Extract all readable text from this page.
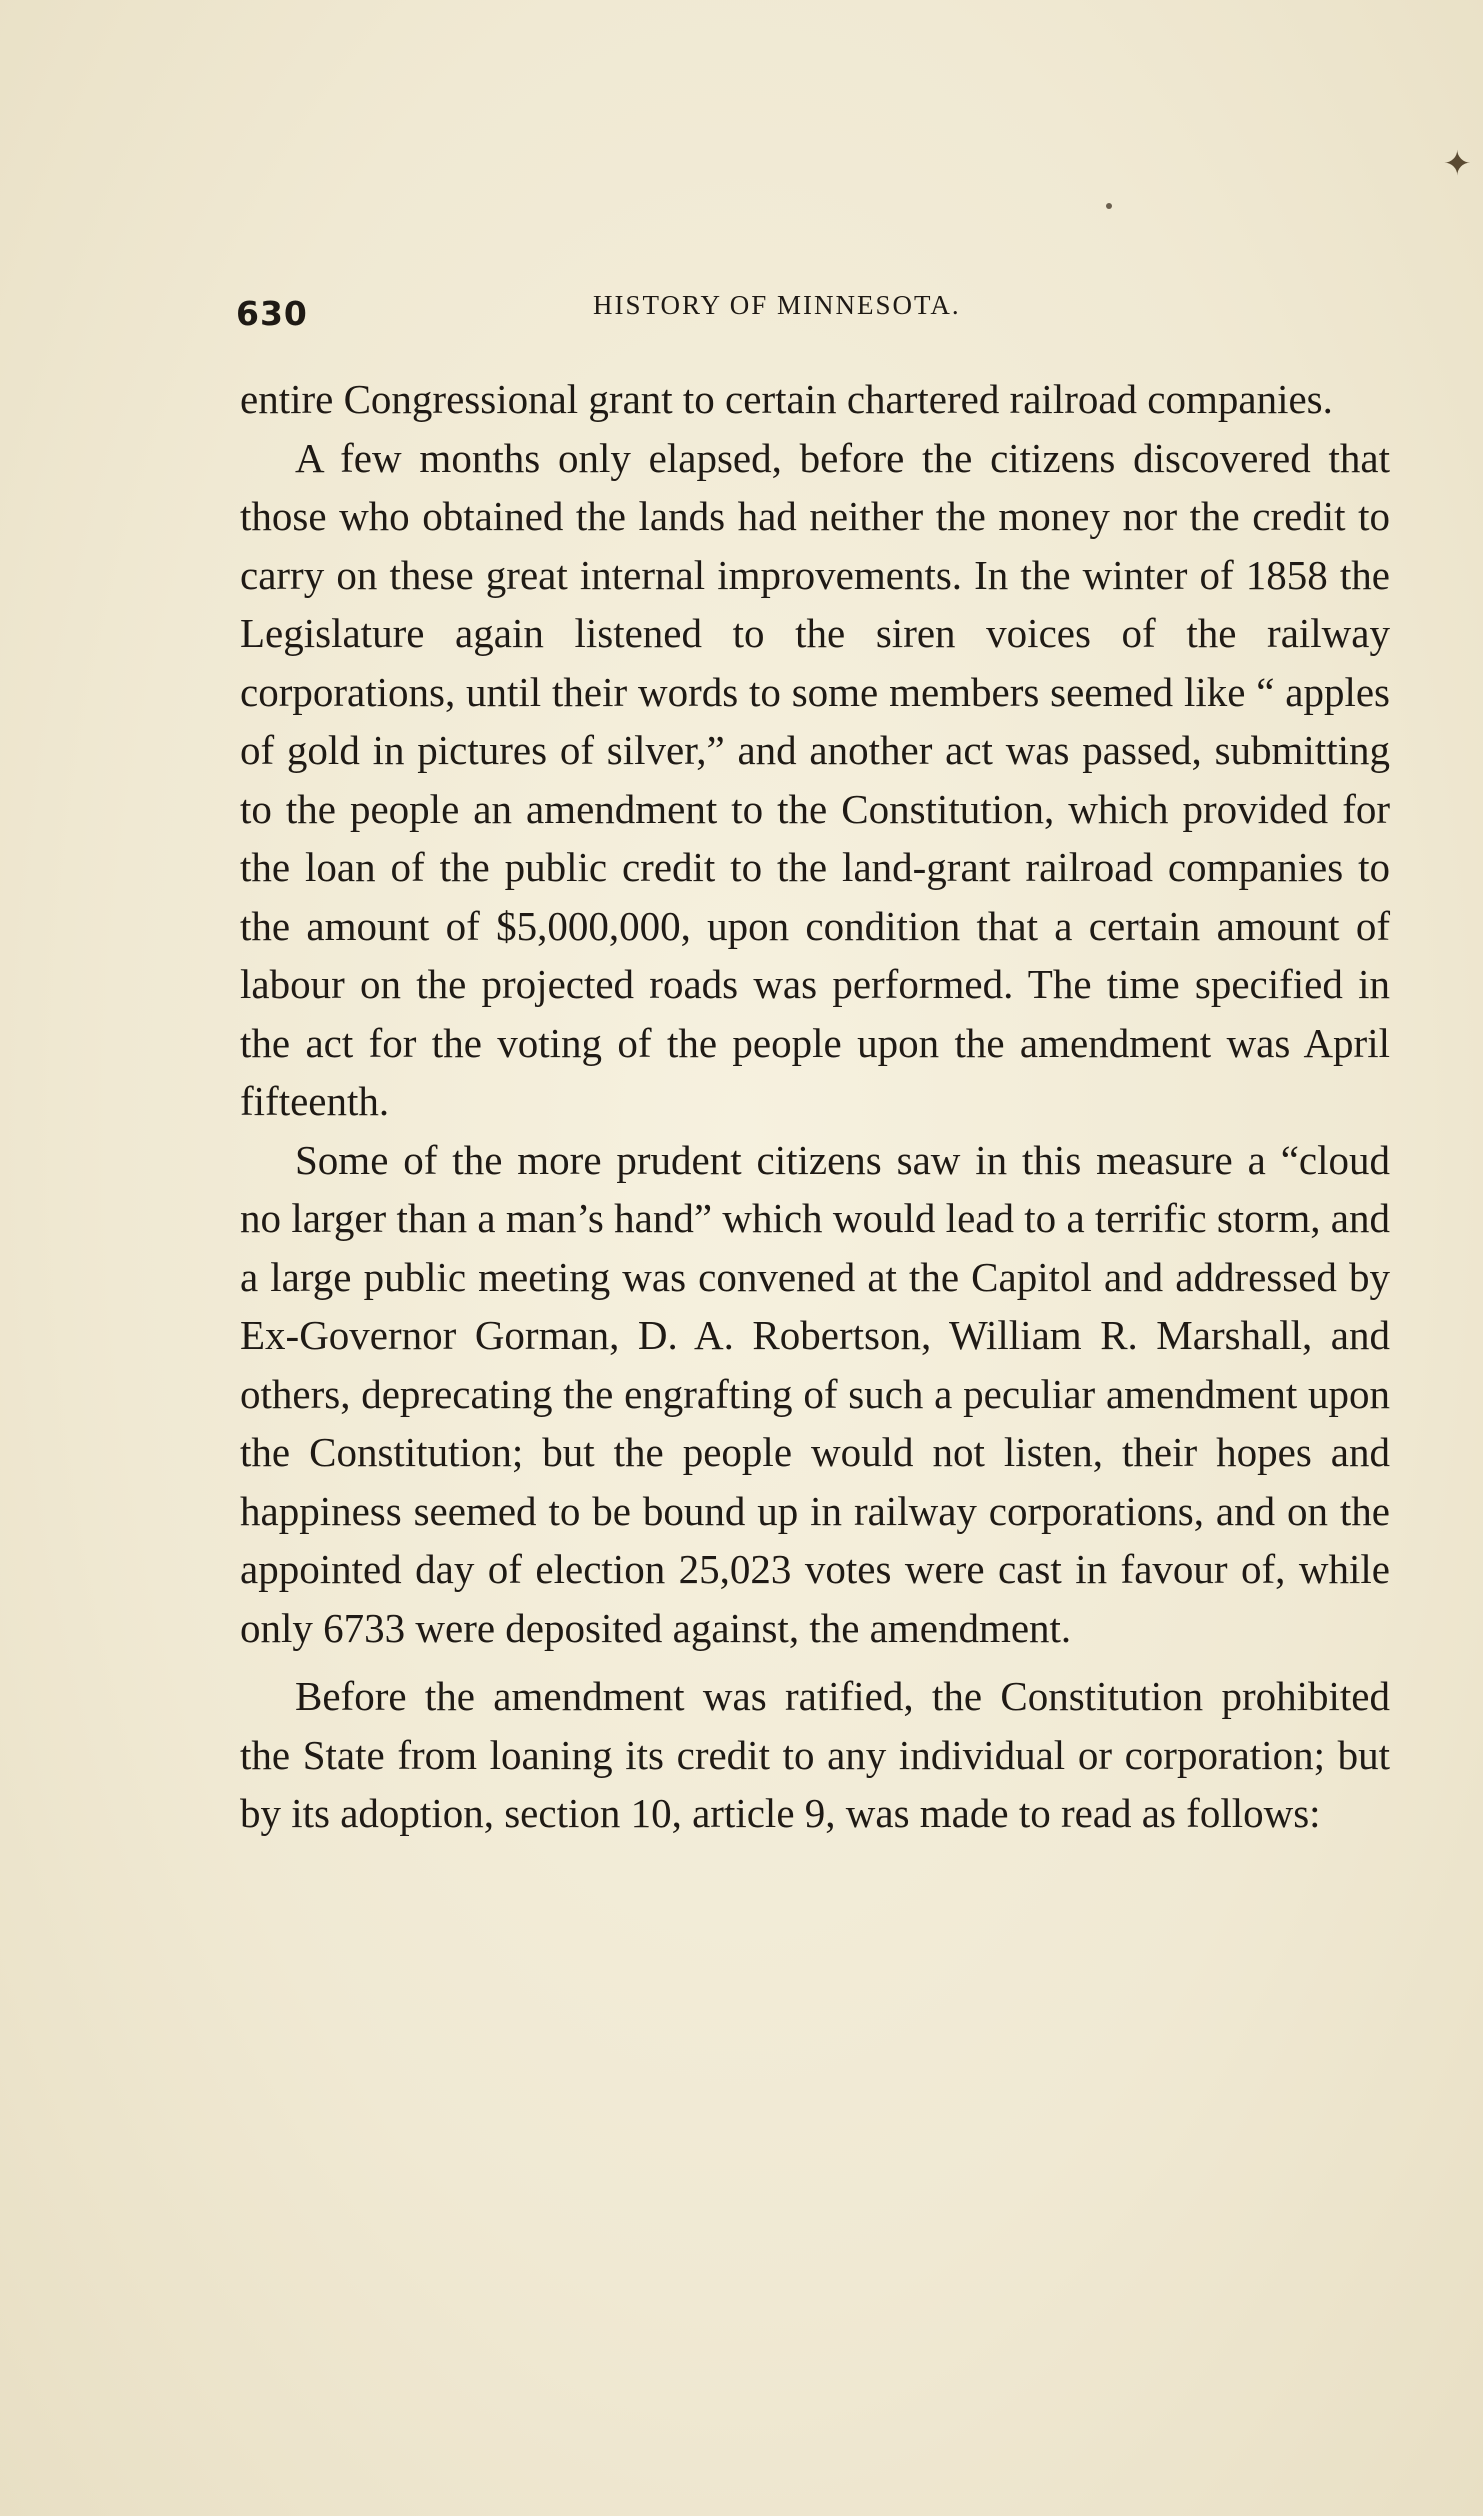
✦
630	HISTORY OF MINNESOTA.

entire Congressional grant to certain chartered railroad companies.

A few months only elapsed, before the citizens discovered that those who obtained the lands had neither the money nor the credit to carry on these great internal improvements. In the winter of 1858 the Legislature again listened to the siren voices of the railway corporations, until their words to some members seemed like “ apples of gold in pictures of silver,” and another act was passed, submitting to the people an amendment to the Constitution, which provided for the loan of the public credit to the land-grant railroad companies to the amount of $5,000,000, upon condition that a certain amount of labour on the projected roads was performed. The time specified in the act for the voting of the people upon the amendment was April fifteenth.

Some of the more prudent citizens saw in this measure a “cloud no larger than a man’s hand” which would lead to a terrific storm, and a large public meeting was convened at the Capitol and addressed by Ex-Governor Gorman, D. A. Robertson, William R. Marshall, and others, deprecating the engrafting of such a peculiar amendment upon the Constitution; but the people would not listen, their hopes and happiness seemed to be bound up in railway corporations, and on the appointed day of election 25,023 votes were cast in favour of, while only 6733 were deposited against, the amendment.

Before the amendment was ratified, the Constitution prohibited the State from loaning its credit to any individual or corporation; but by its adoption, section 10, article 9, was made to read as follows:
